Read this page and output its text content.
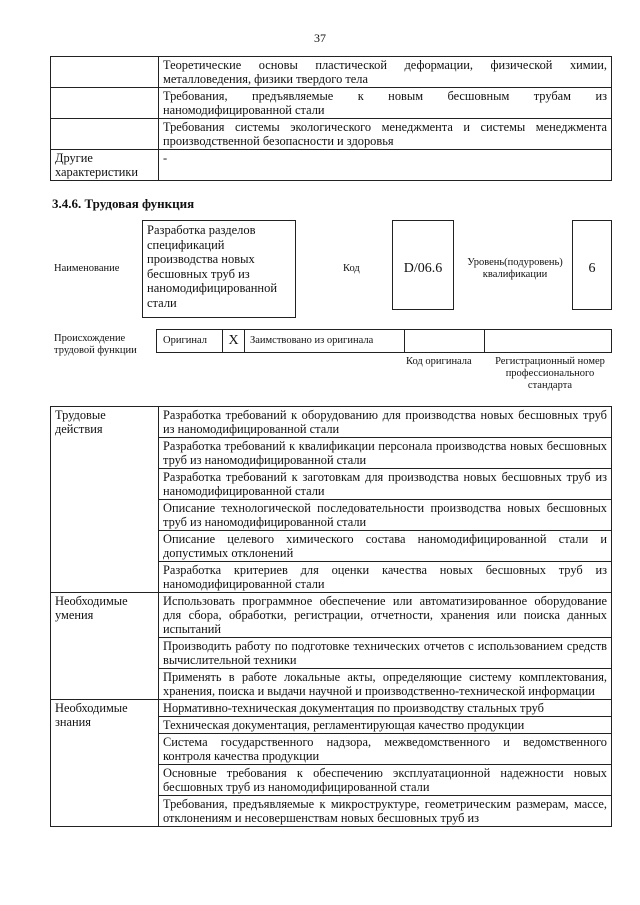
37
	Теоретические основы пластической деформации, физической химии, металловедения, физики твердого тела
	Требования, предъявляемые к новым бесшовным трубам из наномодифицированной стали
	Требования системы экологического менеджмента и системы менеджмента производственной безопасности и здоровья
Другие характеристики	-
3.4.6. Трудовая функция
Наименование
Разработка разделов спецификаций производства новых бесшовных труб из наномодифицированной стали
Код	D/06.6	Уровень(подуровень) квалификации	6
Происхождение трудовой функции
Оригинал	X	Заимствовано из оригинала
Код оригинала	Регистрационный номер профессионального стандарта
Трудовые действия	Разработка требований к оборудованию для производства новых бесшовных труб из наномодифицированной стали
	Разработка требований к квалификации персонала производства новых бесшовных труб из наномодифицированной стали
	Разработка требований к заготовкам для производства новых бесшовных труб из наномодифицированной стали
	Описание технологической последовательности производства новых бесшовных труб из наномодифицированной стали
	Описание целевого химического состава наномодифицированной стали и допустимых отклонений
	Разработка критериев для оценки качества новых бесшовных труб из наномодифицированной стали
Необходимые умения	Использовать программное обеспечение или автоматизированное оборудование для сбора, обработки, регистрации, отчетности, хранения или поиска данных испытаний
	Производить работу по подготовке технических отчетов с использованием средств вычислительной техники
	Применять в работе локальные акты, определяющие систему комплектования, хранения, поиска и выдачи научной и производственно-технической информации
Необходимые знания	Нормативно-техническая документация по производству стальных труб
	Техническая документация, регламентирующая качество продукции
	Система государственного надзора, межведомственного и ведомственного контроля качества продукции
	Основные требования к обеспечению эксплуатационной надежности новых бесшовных труб из наномодифицированной стали
	Требования, предъявляемые к микроструктуре, геометрическим размерам, массе, отклонениям и несовершенствам новых бесшовных труб из
